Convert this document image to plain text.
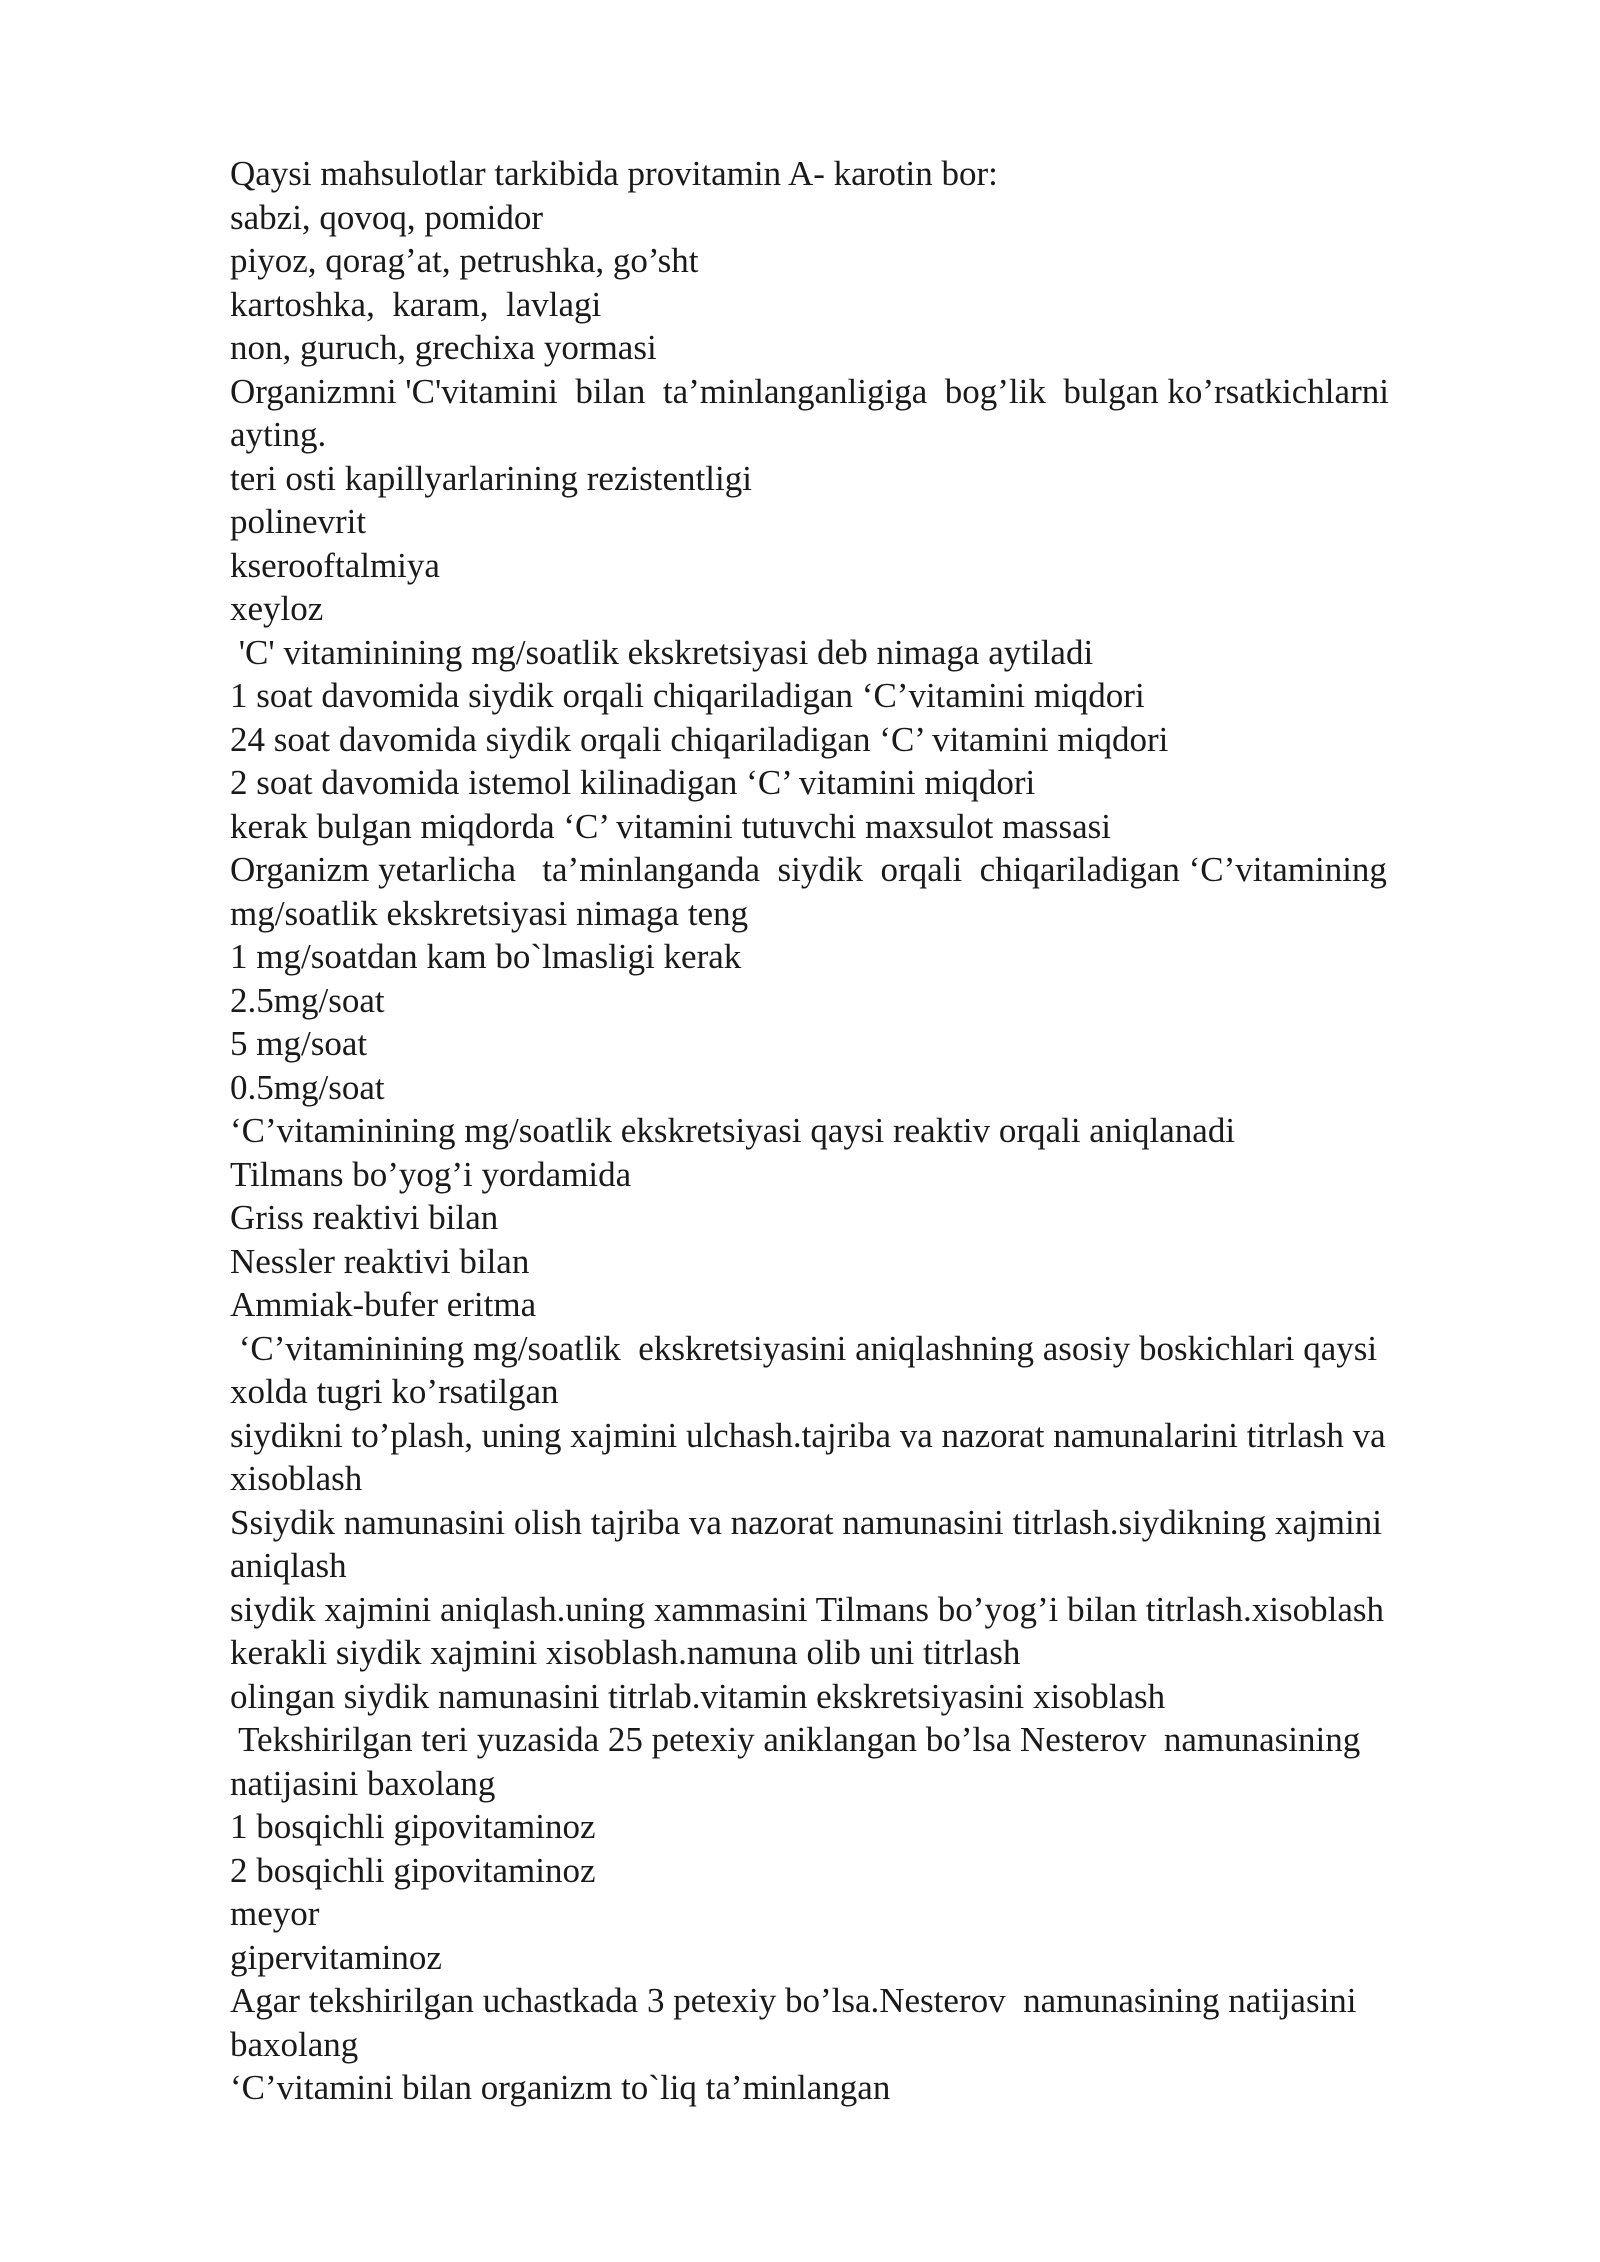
Qaysi mahsulotlar tarkibida provitamin A- karotin bor:
sabzi, qovoq, pomidor
piyoz, qorag’at, petrushka, go’sht
kartoshka,  karam,  lavlagi
non, guruch, grechixa yormasi
Organizmni 'C'vitamini  bilan  ta’minlanganligiga  bog’lik  bulgan ko’rsatkichlarni
ayting.
teri osti kapillyarlarining rezistentligi
polinevrit
kserooftalmiya
xeyloz
'C' vitaminining mg/soatlik ekskretsiyasi deb nimaga aytiladi
1 soat davomida siydik orqali chiqariladigan ‘C’vitamini miqdori
24 soat davomida siydik orqali chiqariladigan ‘C’ vitamini miqdori
2 soat davomida istemol kilinadigan ‘C’ vitamini miqdori
kerak bulgan miqdorda ‘C’ vitamini tutuvchi maxsulot massasi
Organizm yetarlicha   ta’minlanganda  siydik  orqali  chiqariladigan ‘C’vitamining
mg/soatlik ekskretsiyasi nimaga teng
1 mg/soatdan kam bo`lmasligi kerak
2.5mg/soat
5 mg/soat
0.5mg/soat
‘C’vitaminining mg/soatlik ekskretsiyasi qaysi reaktiv orqali aniqlanadi
Tilmans bo’yog’i yordamida
Griss reaktivi bilan
Nessler reaktivi bilan
Ammiak-bufer eritma
‘C’vitaminining mg/soatlik  ekskretsiyasini aniqlashning asosiy boskichlari qaysi
xolda tugri ko’rsatilgan
siydikni to’plash, uning xajmini ulchash.tajriba va nazorat namunalarini titrlash va
xisoblash
Ssiydik namunasini olish tajriba va nazorat namunasini titrlash.siydikning xajmini
aniqlash
siydik xajmini aniqlash.uning xammasini Tilmans bo’yog’i bilan titrlash.xisoblash
kerakli siydik xajmini xisoblash.namuna olib uni titrlash
olingan siydik namunasini titrlab.vitamin ekskretsiyasini xisoblash
Tekshirilgan teri yuzasida 25 petexiy aniklangan bo’lsa Nesterov  namunasining
natijasini baxolang
1 bosqichli gipovitaminoz
2 bosqichli gipovitaminoz
meyor
gipervitaminoz
Agar tekshirilgan uchastkada 3 petexiy bo’lsa.Nesterov  namunasining natijasini
baxolang
‘C’vitamini bilan organizm to`liq ta’minlangan
